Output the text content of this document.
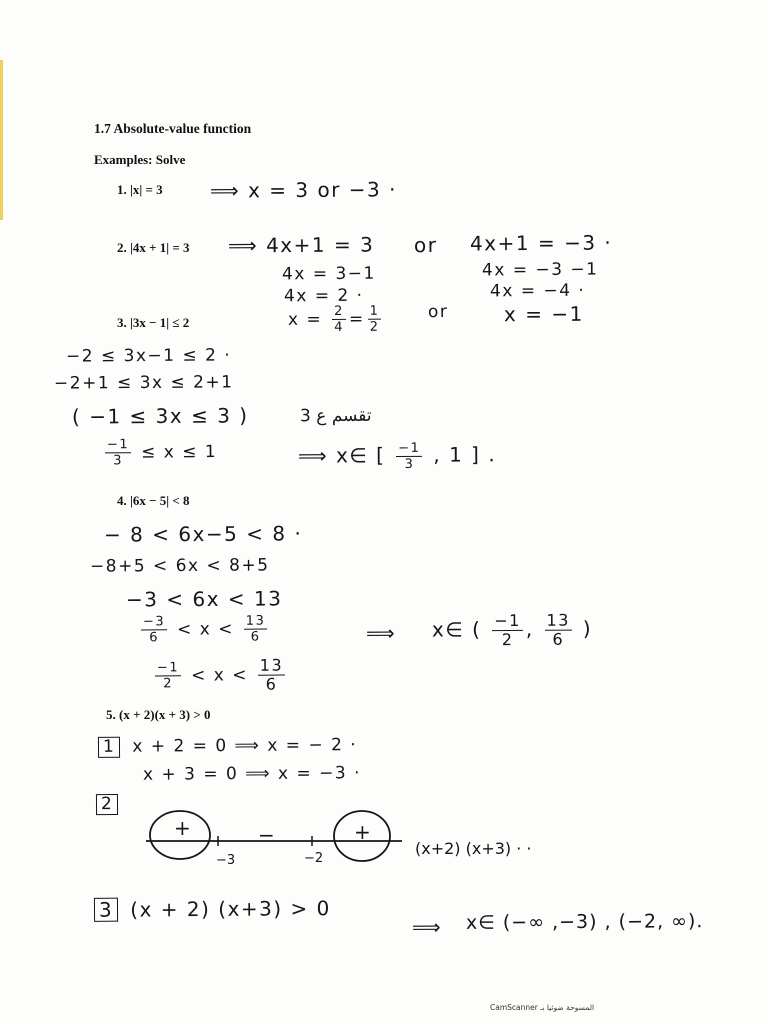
1.7 Absolute-value function
Examples: Solve
1. |x| = 3 ⟹ x = 3 or −3 ·
2. |4x + 1| = 3 ⟹ 4x+1 = 3 or 4x+1 = −3 ·
4x = 3−1	4x = −3 −1
4x = 2 ·	4x = −4 ·
$x = \frac{2}{4} = \frac{1}{2}$	or	x = −1
3. |3x − 1| ≤ 2
−2 ≤ 3x−1 ≤ 2 ·
−2+1 ≤ 3x ≤ 2+1
( −1 ≤ 3x ≤ 3 )	تقسم ع 3
$\frac{-1}{3} \le x \le 1$	⟹ x∈ [ $\frac{-1}{3}$ , 1 ] .
4. |6x − 5| < 8
− 8 < 6x−5 < 8 ·
−8+5 < 6x < 8+5
−3 < 6x < 13
$\frac{-3}{6} < x < \frac{13}{6}$	⟹ x∈ ( $\frac{-1}{2}$ , $\frac{13}{6}$ )
$\frac{-1}{2} < x < \frac{13}{6}$
5. (x + 2)(x + 3) > 0
1 x + 2 = 0 ⟹ x = − 2 ·
x + 3 = 0 ⟹ x = −3 ·
2
+	−	+
−3	−2
(x+2) (x+3) · ·
3 (x + 2) (x+3) > 0
⟹ x∈ (−∞ ,−3) , (−2, ∞).
CamScanner المسوحة ضوئيا بـ
